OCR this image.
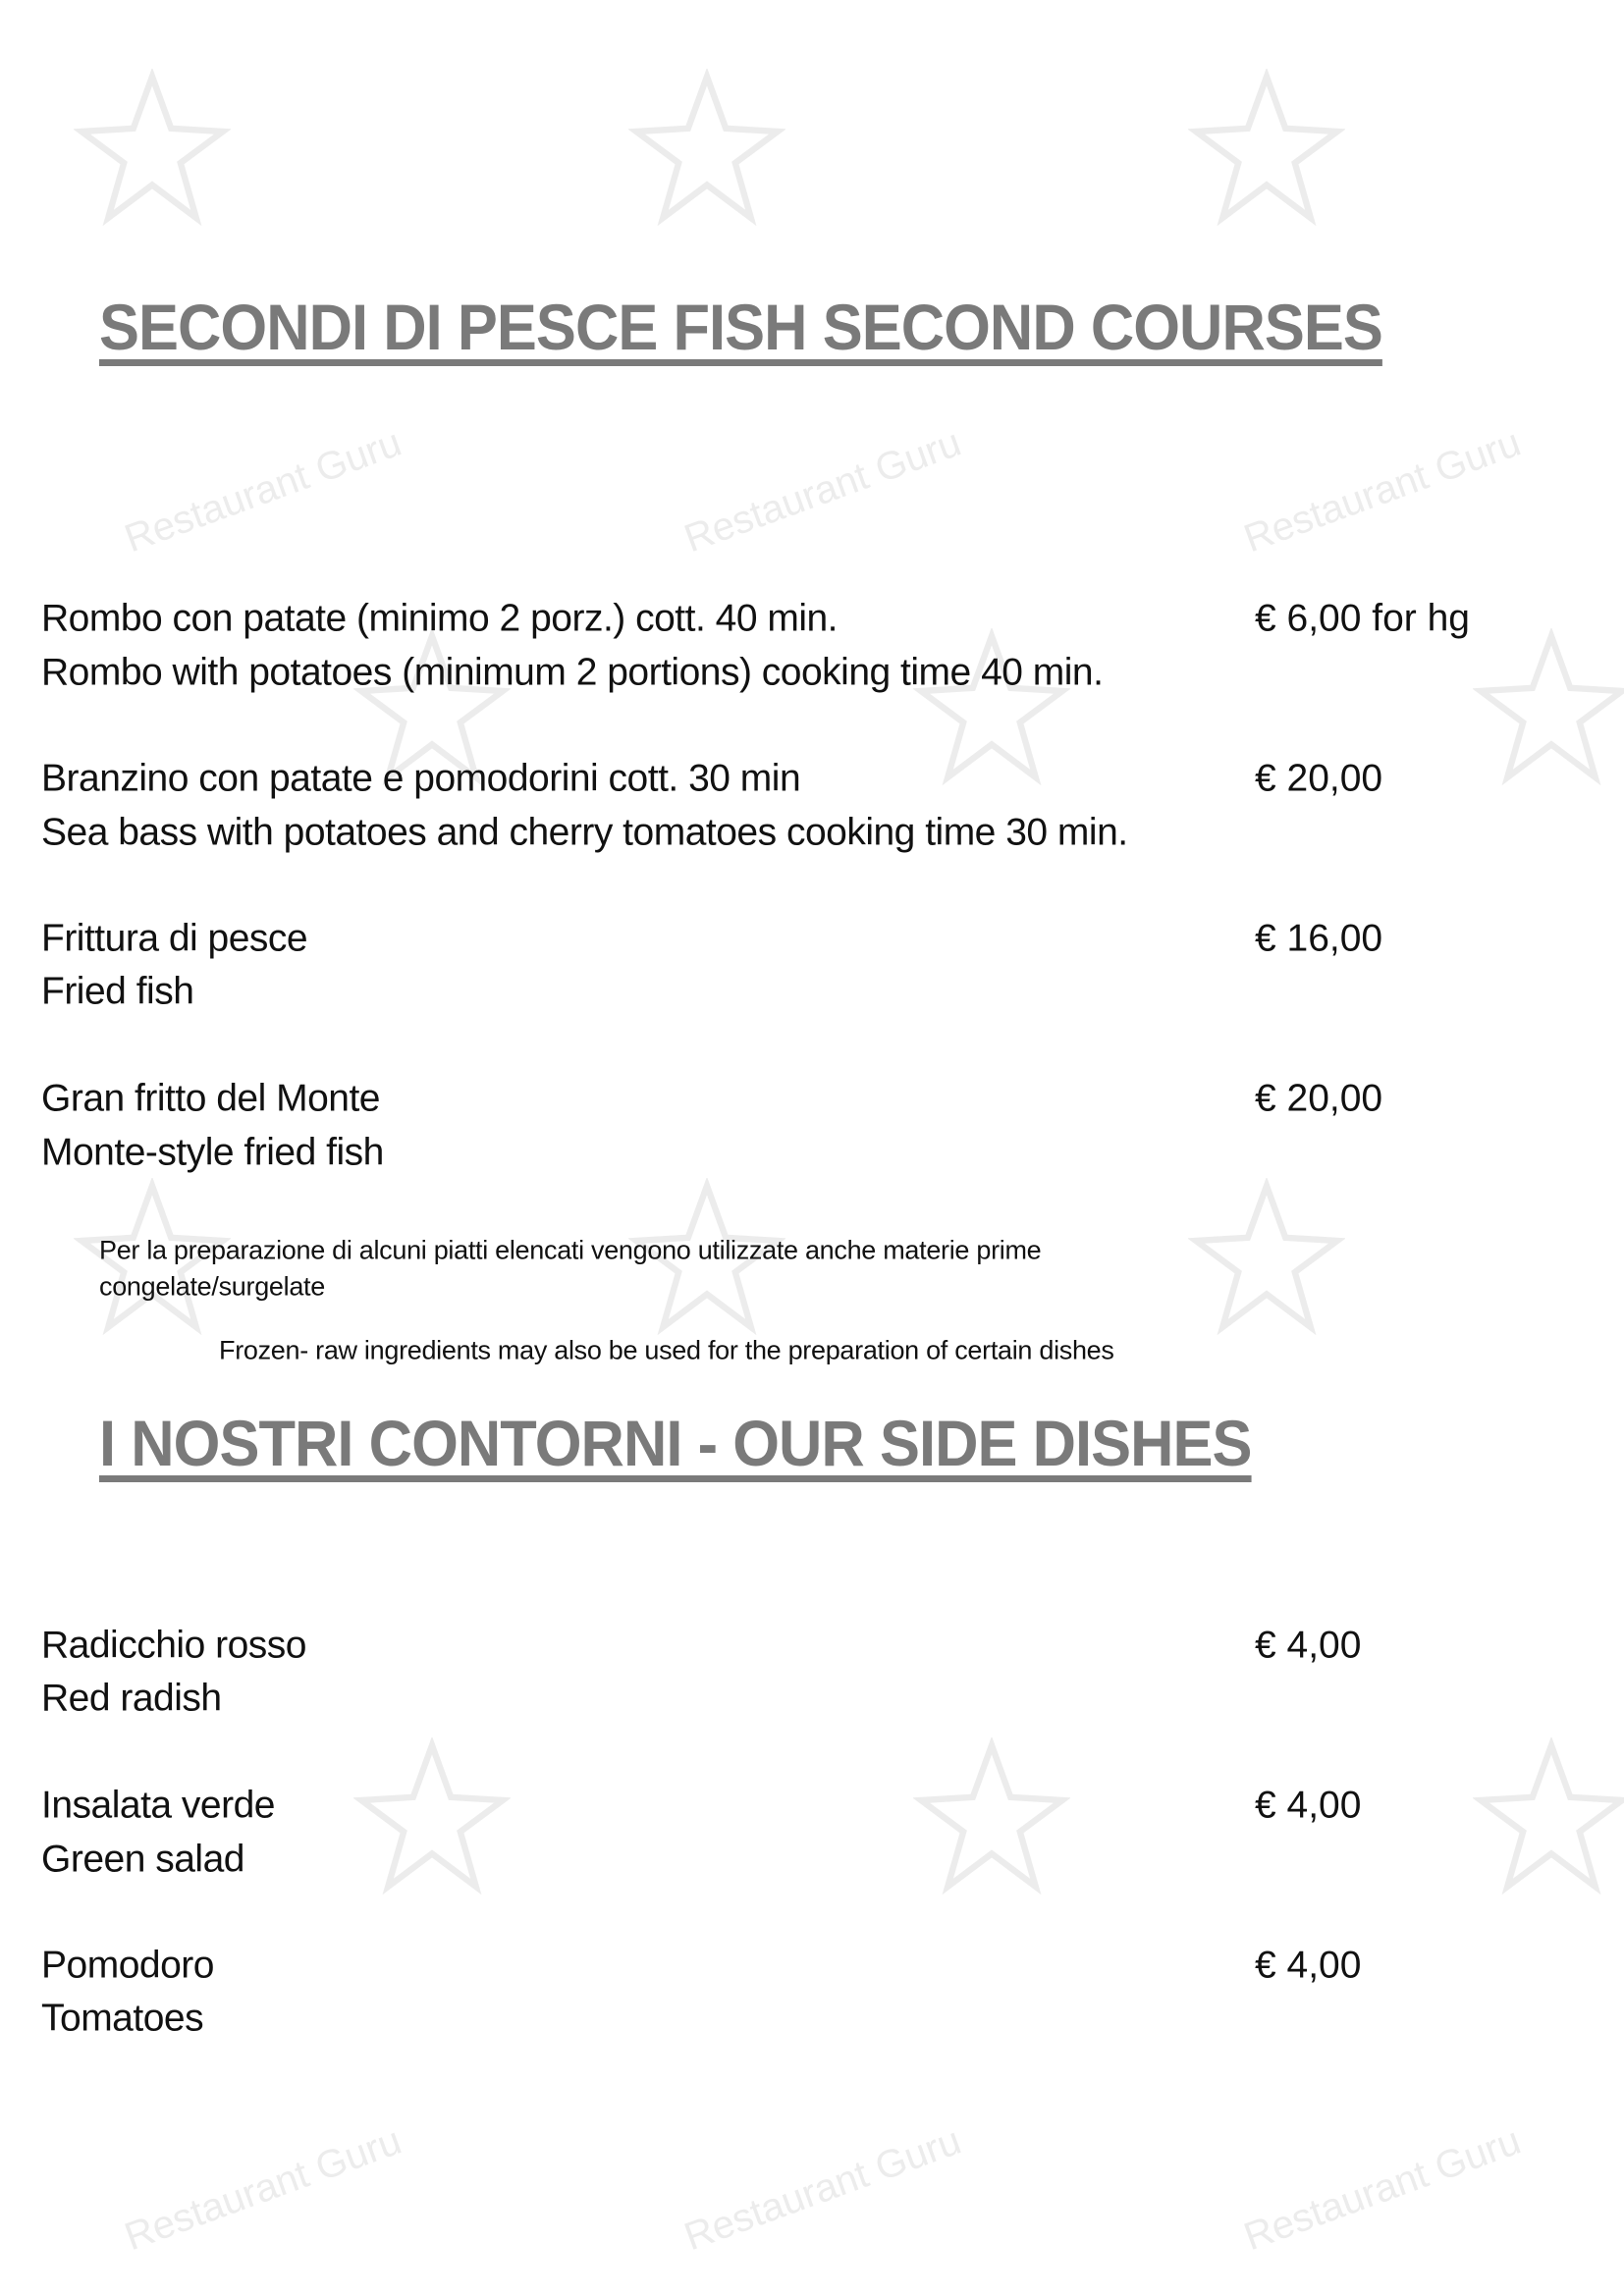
Restaurant Guru	Restaurant Guru	Restaurant Guru
Restaurant Guru	Restaurant Guru	Restaurant Guru
SECONDI DI PESCE FISH SECOND COURSES
Rombo con patate (minimo 2 porz.) cott. 40 min.	€ 6,00 for hg
Rombo with potatoes (minimum 2 portions) cooking time 40 min.
Branzino con patate e pomodorini cott. 30 min	€ 20,00
Sea bass with potatoes and cherry tomatoes cooking time 30 min.
Frittura di pesce	€ 16,00
Fried fish
Gran fritto del Monte	€ 20,00
Monte-style fried fish
Per la preparazione di alcuni piatti elencati vengono utilizzate anche materie prime
congelate/surgelate
Frozen- raw ingredients may also be used for the preparation of certain dishes
I NOSTRI CONTORNI - OUR SIDE DISHES
Radicchio rosso	€ 4,00
Red radish
Insalata verde	€ 4,00
Green salad
Pomodoro	€ 4,00
Tomatoes
